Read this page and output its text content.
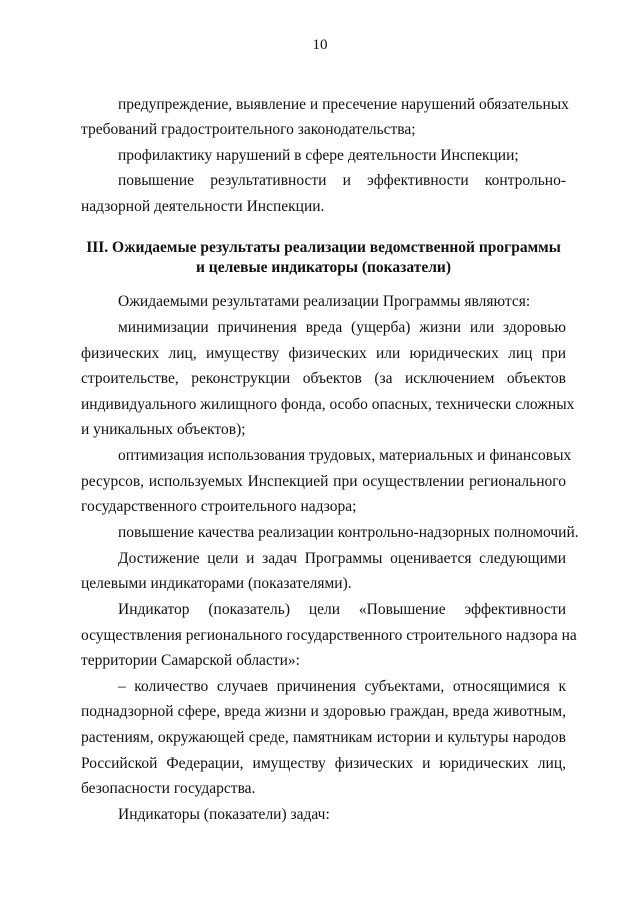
10
предупреждение, выявление и пресечение нарушений обязательных
требований градостроительного законодательства;
профилактику нарушений в сфере деятельности Инспекции;
повышение результативности и эффективности контрольно-
надзорной деятельности Инспекции.
III. Ожидаемые результаты реализации ведомственной программы
и целевые индикаторы (показатели)
Ожидаемыми результатами реализации Программы являются:
минимизации причинения вреда (ущерба) жизни или здоровью
физических лиц, имуществу физических или юридических лиц при
строительстве, реконструкции объектов (за исключением объектов
индивидуального жилищного фонда, особо опасных, технически сложных
и уникальных объектов);
оптимизация использования трудовых, материальных и финансовых
ресурсов, используемых Инспекцией при осуществлении регионального
государственного строительного надзора;
повышение качества реализации контрольно-надзорных полномочий.
Достижение цели и задач Программы оценивается следующими
целевыми индикаторами (показателями).
Индикатор (показатель) цели «Повышение эффективности
осуществления регионального государственного строительного надзора на
территории Самарской области»:
– количество случаев причинения субъектами, относящимися к
поднадзорной сфере, вреда жизни и здоровью граждан, вреда животным,
растениям, окружающей среде, памятникам истории и культуры народов
Российской Федерации, имуществу физических и юридических лиц,
безопасности государства.
Индикаторы (показатели) задач:
